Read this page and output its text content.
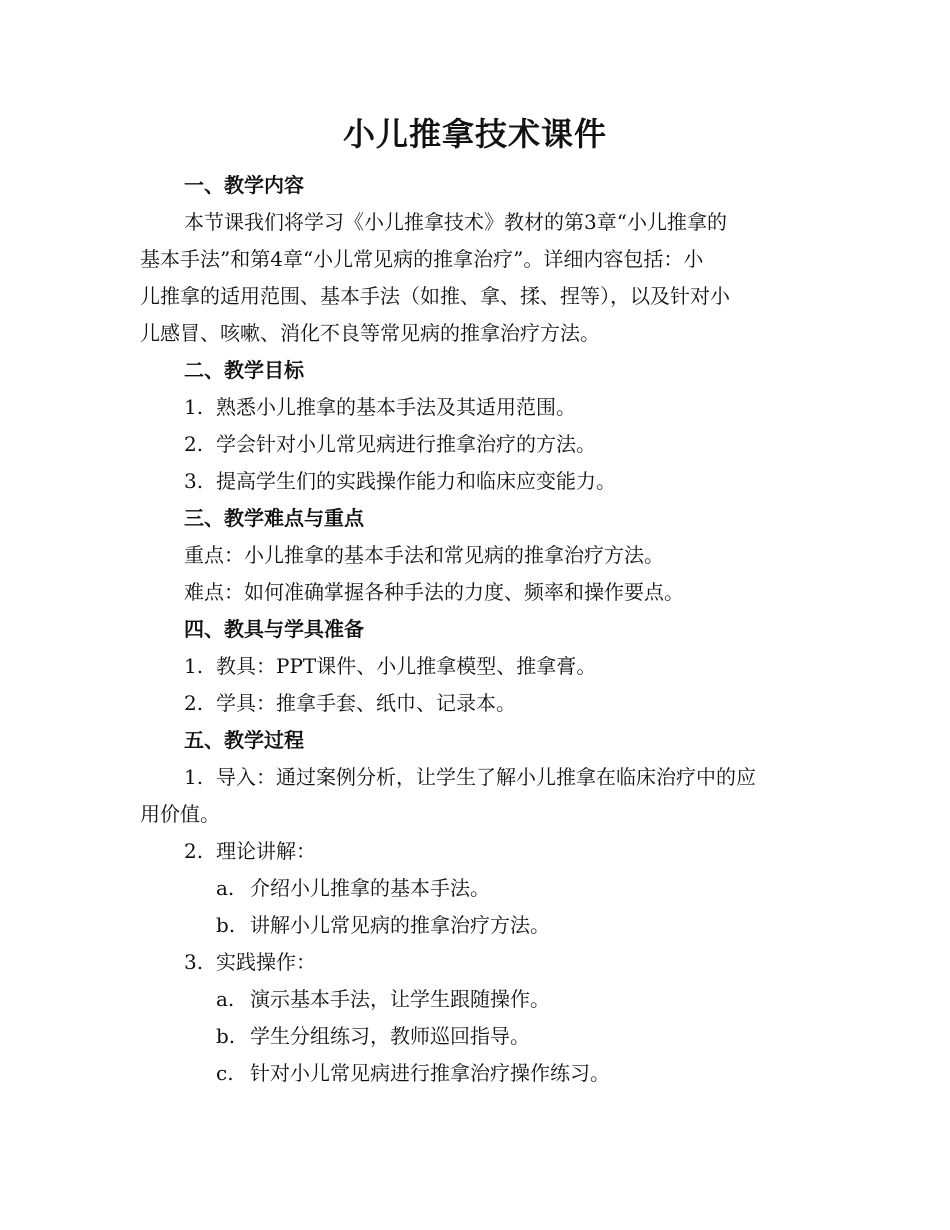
小儿推拿技术课件
一、教学内容
本节课我们将学习《小儿推拿技术》教材的第3章“小儿推拿的
基本手法”和第4章“小儿常见病的推拿治疗”。详细内容包括：小
儿推拿的适用范围、基本手法（如推、拿、揉、捏等），以及针对小
儿感冒、咳嗽、消化不良等常见病的推拿治疗方法。
二、教学目标
1. 熟悉小儿推拿的基本手法及其适用范围。
2. 学会针对小儿常见病进行推拿治疗的方法。
3. 提高学生们的实践操作能力和临床应变能力。
三、教学难点与重点
重点：小儿推拿的基本手法和常见病的推拿治疗方法。
难点：如何准确掌握各种手法的力度、频率和操作要点。
四、教具与学具准备
1. 教具：PPT课件、小儿推拿模型、推拿膏。
2. 学具：推拿手套、纸巾、记录本。
五、教学过程
1. 导入：通过案例分析，让学生了解小儿推拿在临床治疗中的应
用价值。
2. 理论讲解：
a. 介绍小儿推拿的基本手法。
b. 讲解小儿常见病的推拿治疗方法。
3. 实践操作：
a. 演示基本手法，让学生跟随操作。
b. 学生分组练习，教师巡回指导。
c. 针对小儿常见病进行推拿治疗操作练习。
